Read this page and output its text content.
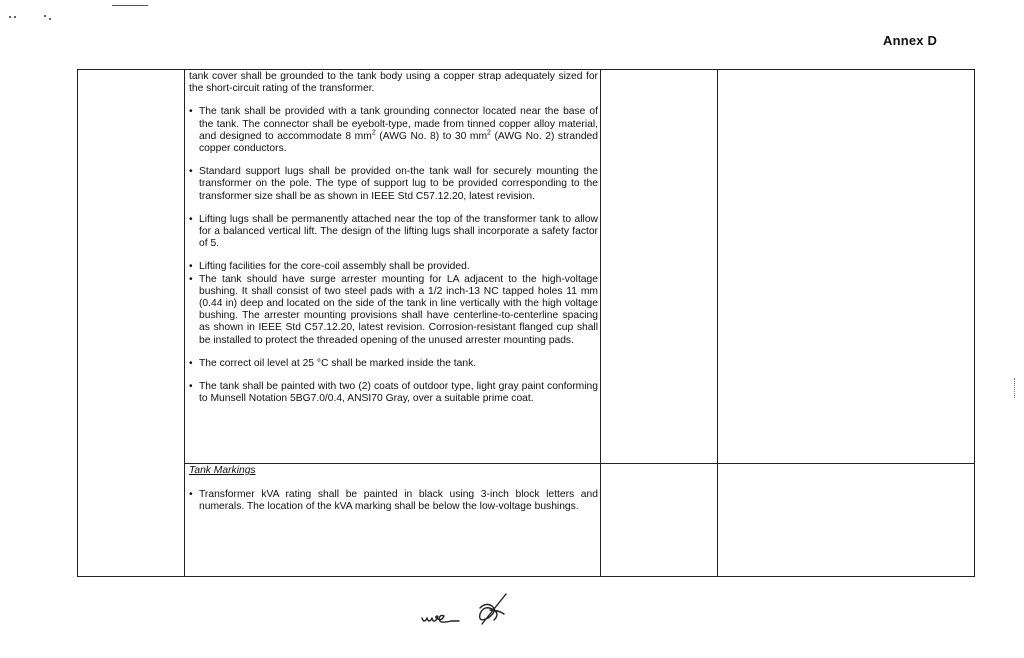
Annex D

tank cover shall be grounded to the tank body using a copper strap adequately sized for the short-circuit rating of the transformer.

• The tank shall be provided with a tank grounding connector located near the base of the tank. The connector shall be eyebolt-type, made from tinned copper alloy material, and designed to accommodate 8 $mm^2$ (AWG No. 8) to 30 $mm^2$ (AWG No. 2) stranded copper conductors.

• Standard support lugs shall be provided on-the tank wall for securely mounting the transformer on the pole. The type of support lug to be provided corresponding to the transformer size shall be as shown in IEEE Std C57.12.20, latest revision.

• Lifting lugs shall be permanently attached near the top of the transformer tank to allow for a balanced vertical lift. The design of the lifting lugs shall incorporate a safety factor of 5.

• Lifting facilities for the core-coil assembly shall be provided.

• The tank should have surge arrester mounting for LA adjacent to the high-voltage bushing. It shall consist of two steel pads with a 1/2 inch-13 NC tapped holes 11 mm (0.44 in) deep and located on the side of the tank in line vertically with the high voltage bushing. The arrester mounting provisions shall have centerline-to-centerline spacing as shown in IEEE Std C57.12.20, latest revision. Corrosion-resistant flanged cup shall be installed to protect the threaded opening of the unused arrester mounting pads.

• The correct oil level at 25 °C shall be marked inside the tank.

• The tank shall be painted with two (2) coats of outdoor type, light gray paint conforming to Munsell Notation 5BG7.0/0.4, ANSI70 Gray, over a suitable prime coat.

Tank Markings

• Transformer kVA rating shall be painted in black using 3-inch block letters and numerals. The location of the kVA marking shall be below the low-voltage bushings.
